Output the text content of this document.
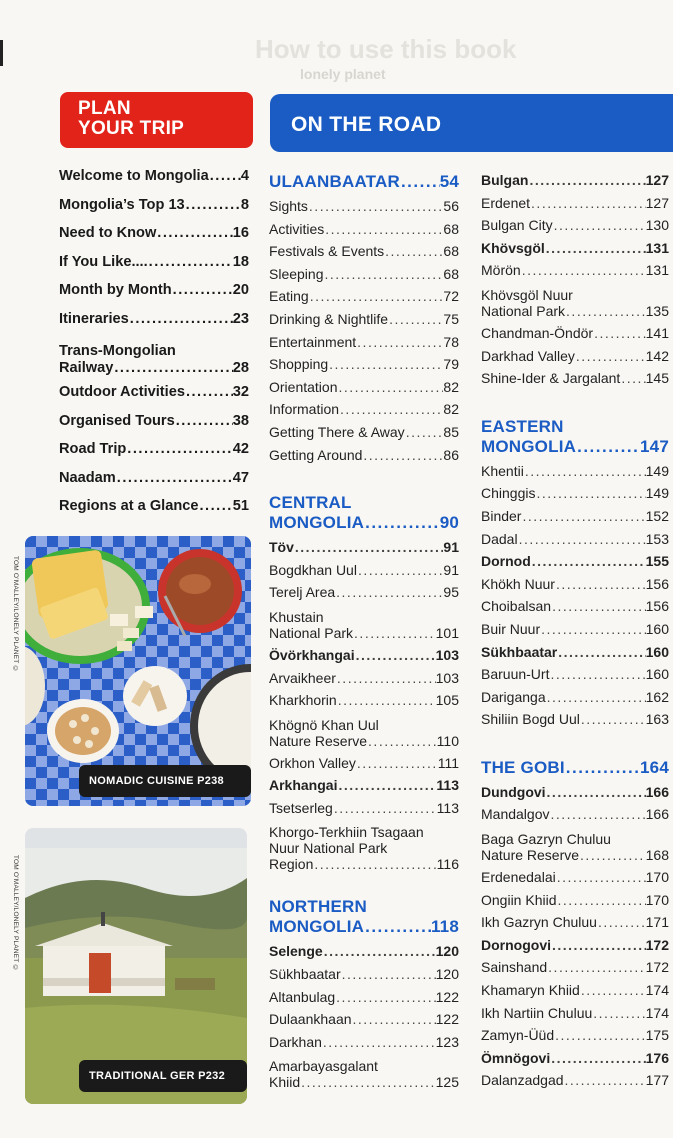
How to use this book
lonely planet
PLAN
YOUR TRIP	ON THE ROAD
Welcome to Mongolia ..... 4
Mongolia’s Top 13 .....	8
Need to Know .....	16
If You Like.... .....	18
Month by Month .....	20
Itineraries .....	23
Trans-Mongolian
Railway .....	28
Outdoor Activities .....	32
Organised Tours .....	38
Road Trip .....	42
Naadam .....	47
Regions at a Glance ..... 51
NOMADIC CUISINE P238
TOM O’MALLEY/LONELY PLANET ©
TRADITIONAL GER P232
TOM O’MALLEY/LONELY PLANET ©
ULAANBAATAR ..... 54
Sights .....	56
Activities .....	68
Festivals & Events .....	68
Sleeping .....	68
Eating .....	72
Drinking & Nightlife .....	75
Entertainment .....	78
Shopping .....	79
Orientation .....	82
Information .....	82
Getting There & Away .....	85
Getting Around .....	86
CENTRAL
MONGOLIA .....	90
Töv .....	91
Bogdkhan Uul .....	91
Terelj Area .....	95
Khustain
National Park .....	101
Övörkhangai .....	103
Arvaikheer .....	103
Kharkhorin .....	105
Khögnö Khan Uul
Nature Reserve .....	110
Orkhon Valley .....	111
Arkhangai .....	113
Tsetserleg .....	113
Khorgo-Terkhiin Tsagaan
Nuur National Park
Region .....	116
NORTHERN
MONGOLIA .....	118
Selenge .....	120
Sükhbaatar .....	120
Altanbulag .....	122
Dulaankhaan .....	122
Darkhan .....	123
Amarbayasgalant
Khiid .....	125
Bulgan .....	127
Erdenet .....	127
Bulgan City .....	130
Khövsgöl .....	131
Mörön .....	131
Khövsgöl Nuur
National Park .....	135
Chandman-Öndör .....	141
Darkhad Valley .....	142
Shine-Ider & Jargalant ..... 145
EASTERN
MONGOLIA .....	147
Khentii .....	149
Chinggis .....	149
Binder .....	152
Dadal .....	153
Dornod .....	155
Khökh Nuur .....	156
Choibalsan .....	156
Buir Nuur .....	160
Sükhbaatar .....	160
Baruun-Urt .....	160
Dariganga .....	162
Shiliin Bogd Uul .....	163
THE GOBI .....	164
Dundgovi .....	166
Mandalgov .....	166
Baga Gazryn Chuluu
Nature Reserve .....	168
Erdenedalai .....	170
Ongiin Khiid .....	170
Ikh Gazryn Chuluu .....	171
Dornogovi .....	172
Sainshand .....	172
Khamaryn Khiid .....	174
Ikh Nartiin Chuluu .....	174
Zamyn-Üüd .....	175
Ömnögovi .....	176
Dalanzadgad .....	177
